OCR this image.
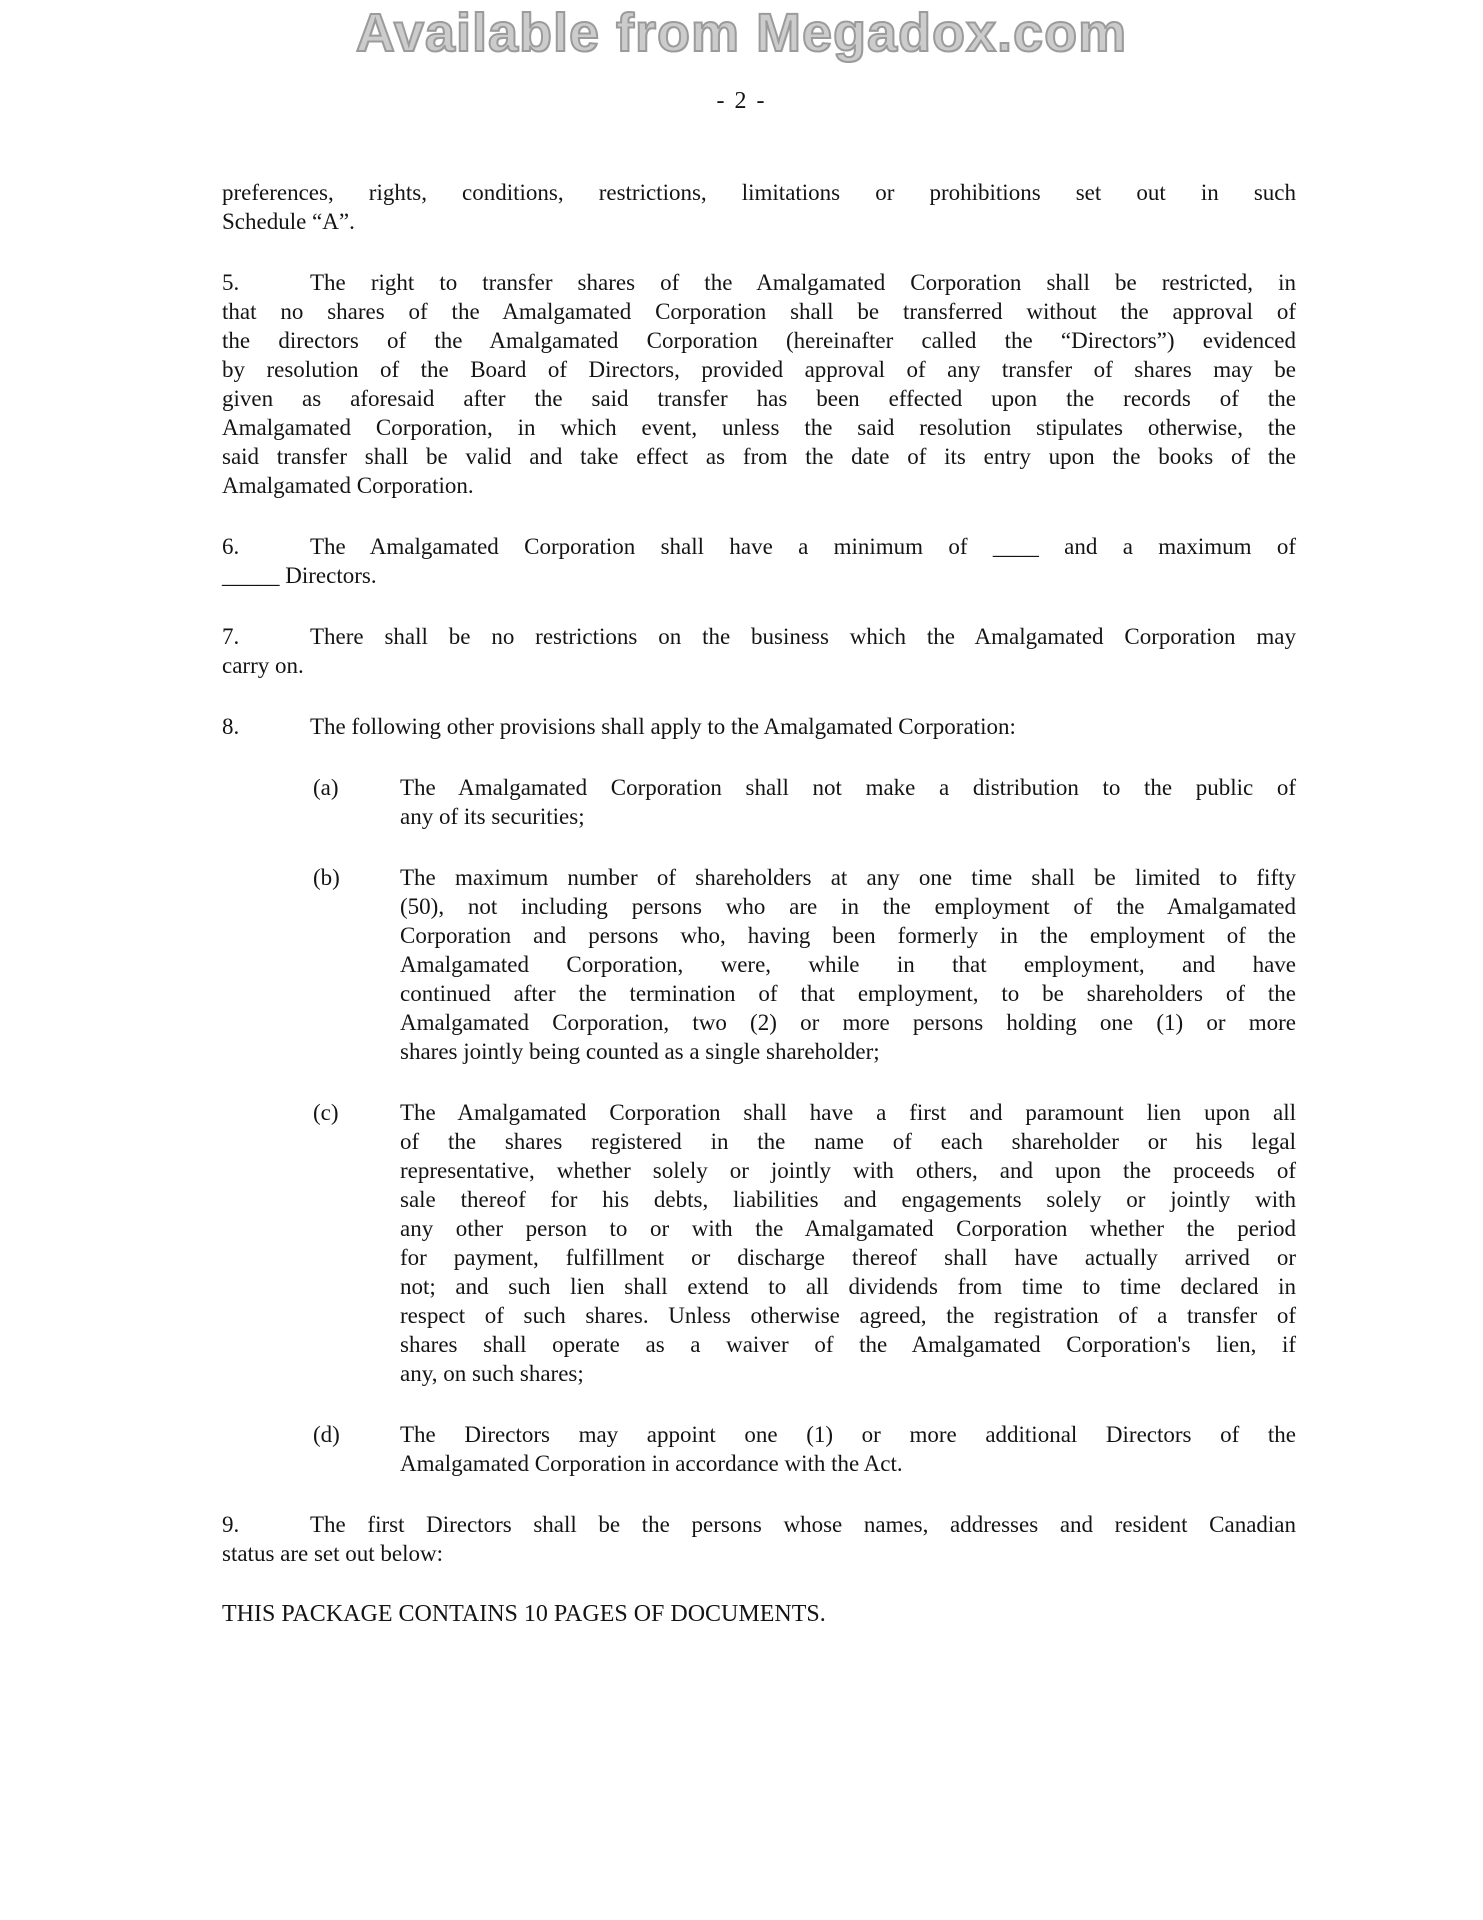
Available from Megadox.com
- 2 -
preferences, rights, conditions, restrictions, limitations or prohibitions set out in such
Schedule “A”.
5.	The right to transfer shares of the Amalgamated Corporation shall be restricted, in
that no shares of the Amalgamated Corporation shall be transferred without the approval of
the directors of the Amalgamated Corporation (hereinafter called the “Directors”) evidenced
by resolution of the Board of Directors, provided approval of any transfer of shares may be
given as aforesaid after the said transfer has been effected upon the records of the
Amalgamated Corporation, in which event, unless the said resolution stipulates otherwise, the
said transfer shall be valid and take effect as from the date of its entry upon the books of the
Amalgamated Corporation.
6.	The Amalgamated Corporation shall have a minimum of ____ and a maximum of
_____ Directors.
7.	There shall be no restrictions on the business which the Amalgamated Corporation may
carry on.
8.	The following other provisions shall apply to the Amalgamated Corporation:
(a)	The Amalgamated Corporation shall not make a distribution to the public of
any of its securities;
(b)	The maximum number of shareholders at any one time shall be limited to fifty
(50), not including persons who are in the employment of the Amalgamated
Corporation and persons who, having been formerly in the employment of the
Amalgamated Corporation, were, while in that employment, and have
continued after the termination of that employment, to be shareholders of the
Amalgamated Corporation, two (2) or more persons holding one (1) or more
shares jointly being counted as a single shareholder;
(c)	The Amalgamated Corporation shall have a first and paramount lien upon all
of the shares registered in the name of each shareholder or his legal
representative, whether solely or jointly with others, and upon the proceeds of
sale thereof for his debts, liabilities and engagements solely or jointly with
any other person to or with the Amalgamated Corporation whether the period
for payment, fulfillment or discharge thereof shall have actually arrived or
not; and such lien shall extend to all dividends from time to time declared in
respect of such shares. Unless otherwise agreed, the registration of a transfer of
shares shall operate as a waiver of the Amalgamated Corporation's lien, if
any, on such shares;
(d)	The Directors may appoint one (1) or more additional Directors of the
Amalgamated Corporation in accordance with the Act.
9.	The first Directors shall be the persons whose names, addresses and resident Canadian
status are set out below:
THIS PACKAGE CONTAINS 10 PAGES OF DOCUMENTS.
